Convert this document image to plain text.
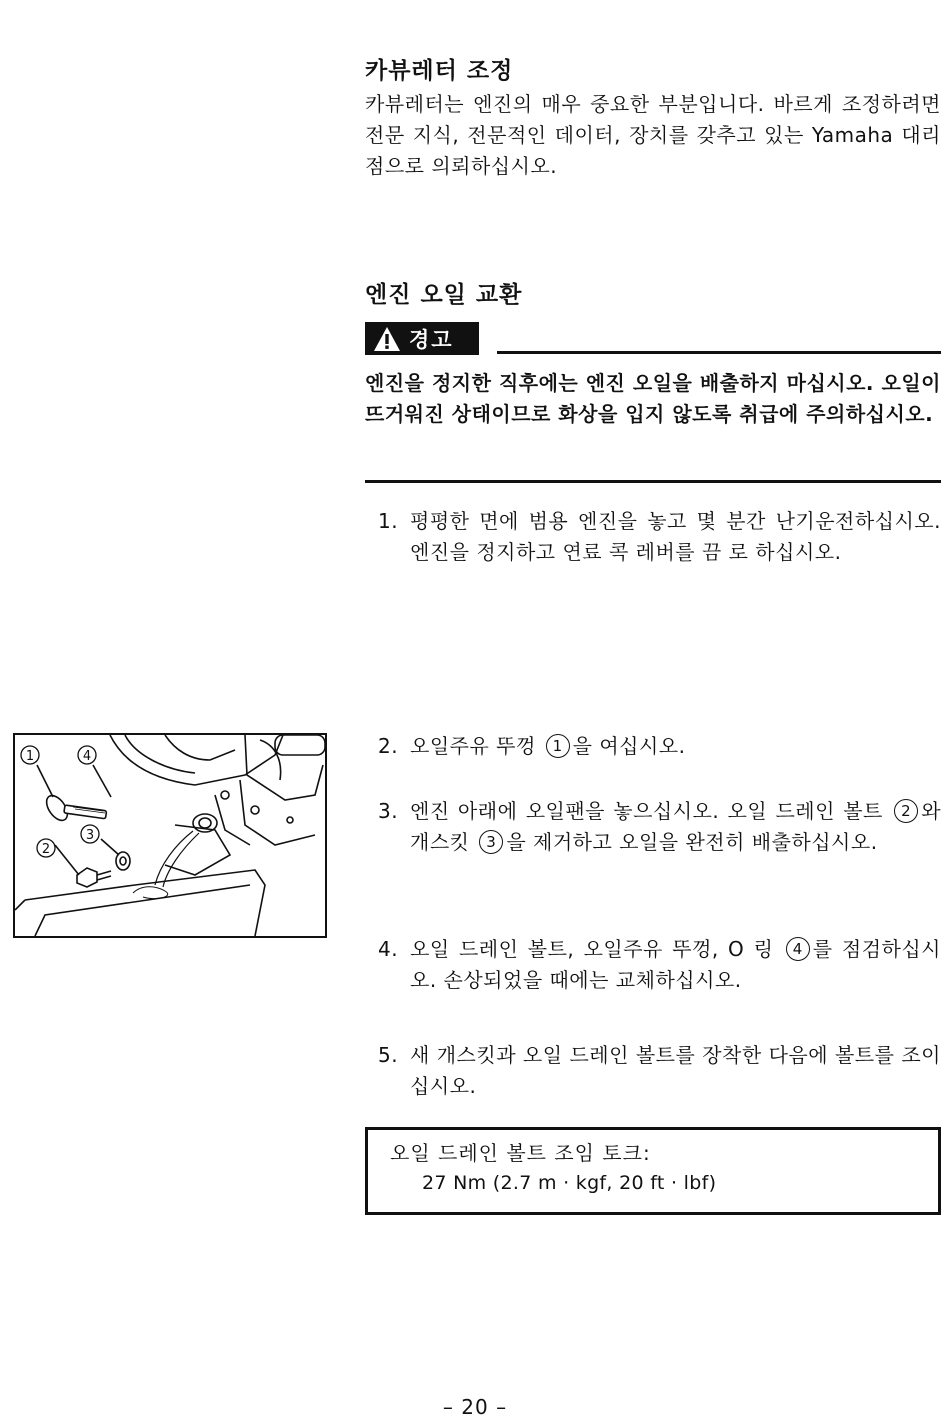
카뷰레터 조정

카뷰레터는 엔진의 매우 중요한 부분입니다. 바르게 조정하려면 전문 지식, 전문적인 데이터, 장치를 갖추고 있는 Yamaha 대리점으로 의뢰하십시오.

엔진 오일 교환
경고
엔진을 정지한 직후에는 엔진 오일을 배출하지 마십시오. 오일이 뜨거워진 상태이므로 화상을 입지 않도록 취급에 주의하십시오.
1. 평평한 면에 범용 엔진을 놓고 몇 분간 난기운전하십시오. 엔진을 정지하고 연료 콕 레버를 끔 로 하십시오.
2. 오일주유 뚜껑 1 을 여십시오.
3. 엔진 아래에 오일팬을 놓으십시오. 오일 드레인 볼트 2 와 개스킷 3 을 제거하고 오일을 완전히 배출하십시오.
4. 오일 드레인 볼트, 오일주유 뚜껑, O 링 4 를 점검하십시오. 손상되었을 때에는 교체하십시오.
5. 새 개스킷과 오일 드레인 볼트를 장착한 다음에 볼트를 조이십시오.
오일 드레인 볼트 조임 토크:
27 Nm (2.7 m · kgf, 20 ft · lbf)
1	4
3
2
– 20 –
